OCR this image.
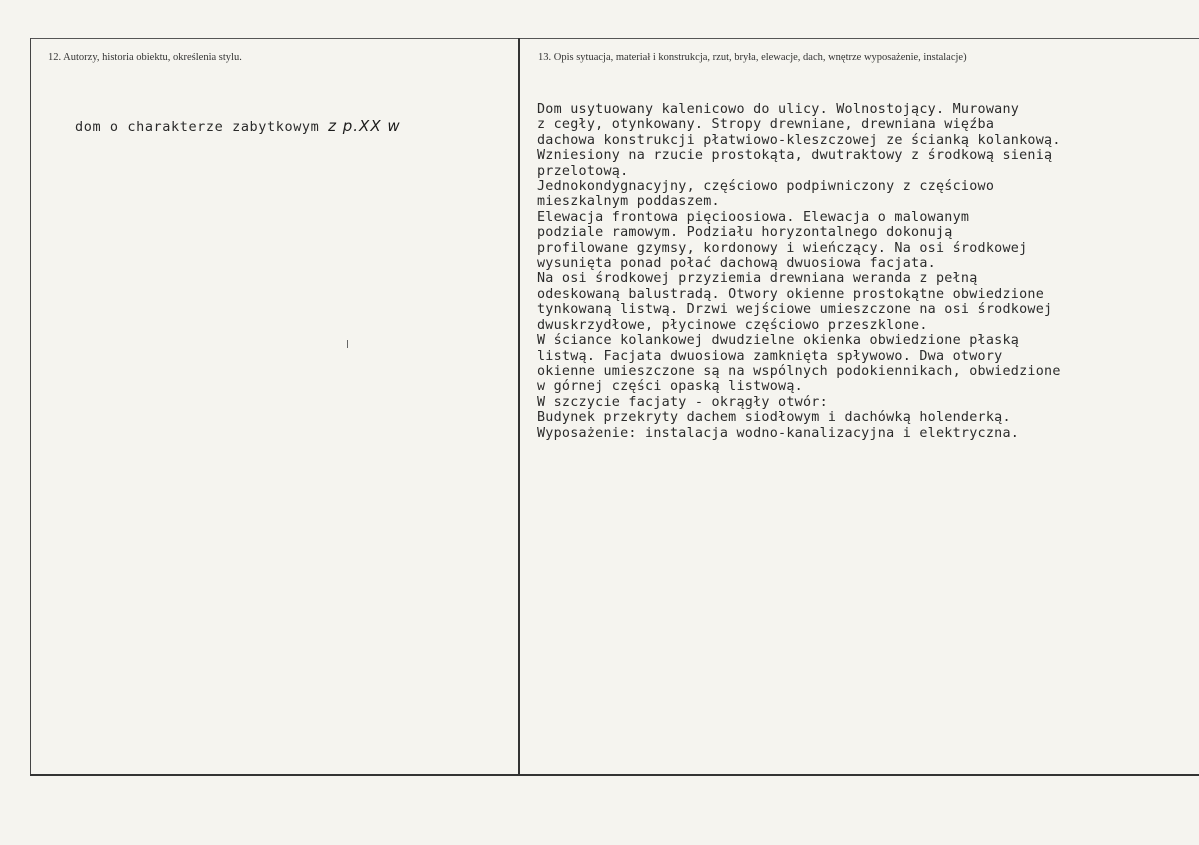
12. Autorzy, historia obiektu, określenia stylu.	13. Opis sytuacja, materiał i konstrukcja, rzut, bryła, elewacje, dach, wnętrze wyposażenie, instalacje)
dom o charakterze zabytkowym z p.XX w
Dom usytuowany kalenicowo do ulicy. Wolnostojący. Murowany
z cegły, otynkowany. Stropy drewniane, drewniana więźba
dachowa konstrukcji płatwiowo-kleszczowej ze ścianką kolankową.
Wzniesiony na rzucie prostokąta, dwutraktowy z środkową sienią
przelotową.
Jednokondygnacyjny, częściowo podpiwniczony z częściowo
mieszkalnym poddaszem.
Elewacja frontowa pięcioosiowa. Elewacja o malowanym
podziale ramowym. Podziału horyzontalnego dokonują
profilowane gzymsy, kordonowy i wieńczący. Na osi środkowej
wysunięta ponad połać dachową dwuosiowa facjata.
Na osi środkowej przyziemia drewniana weranda z pełną
odeskowaną balustradą. Otwory okienne prostokątne obwiedzione
tynkowaną listwą. Drzwi wejściowe umieszczone na osi środkowej
dwuskrzydłowe, płycinowe częściowo przeszklone.
W ściance kolankowej dwudzielne okienka obwiedzione płaską
listwą. Facjata dwuosiowa zamknięta spływowo. Dwa otwory
okienne umieszczone są na wspólnych podokiennikach, obwiedzione
w górnej części opaską listwową.
W szczycie facjaty - okrągły otwór:
Budynek przekryty dachem siodłowym i dachówką holenderką.
Wyposażenie: instalacja wodno-kanalizacyjna i elektryczna.
